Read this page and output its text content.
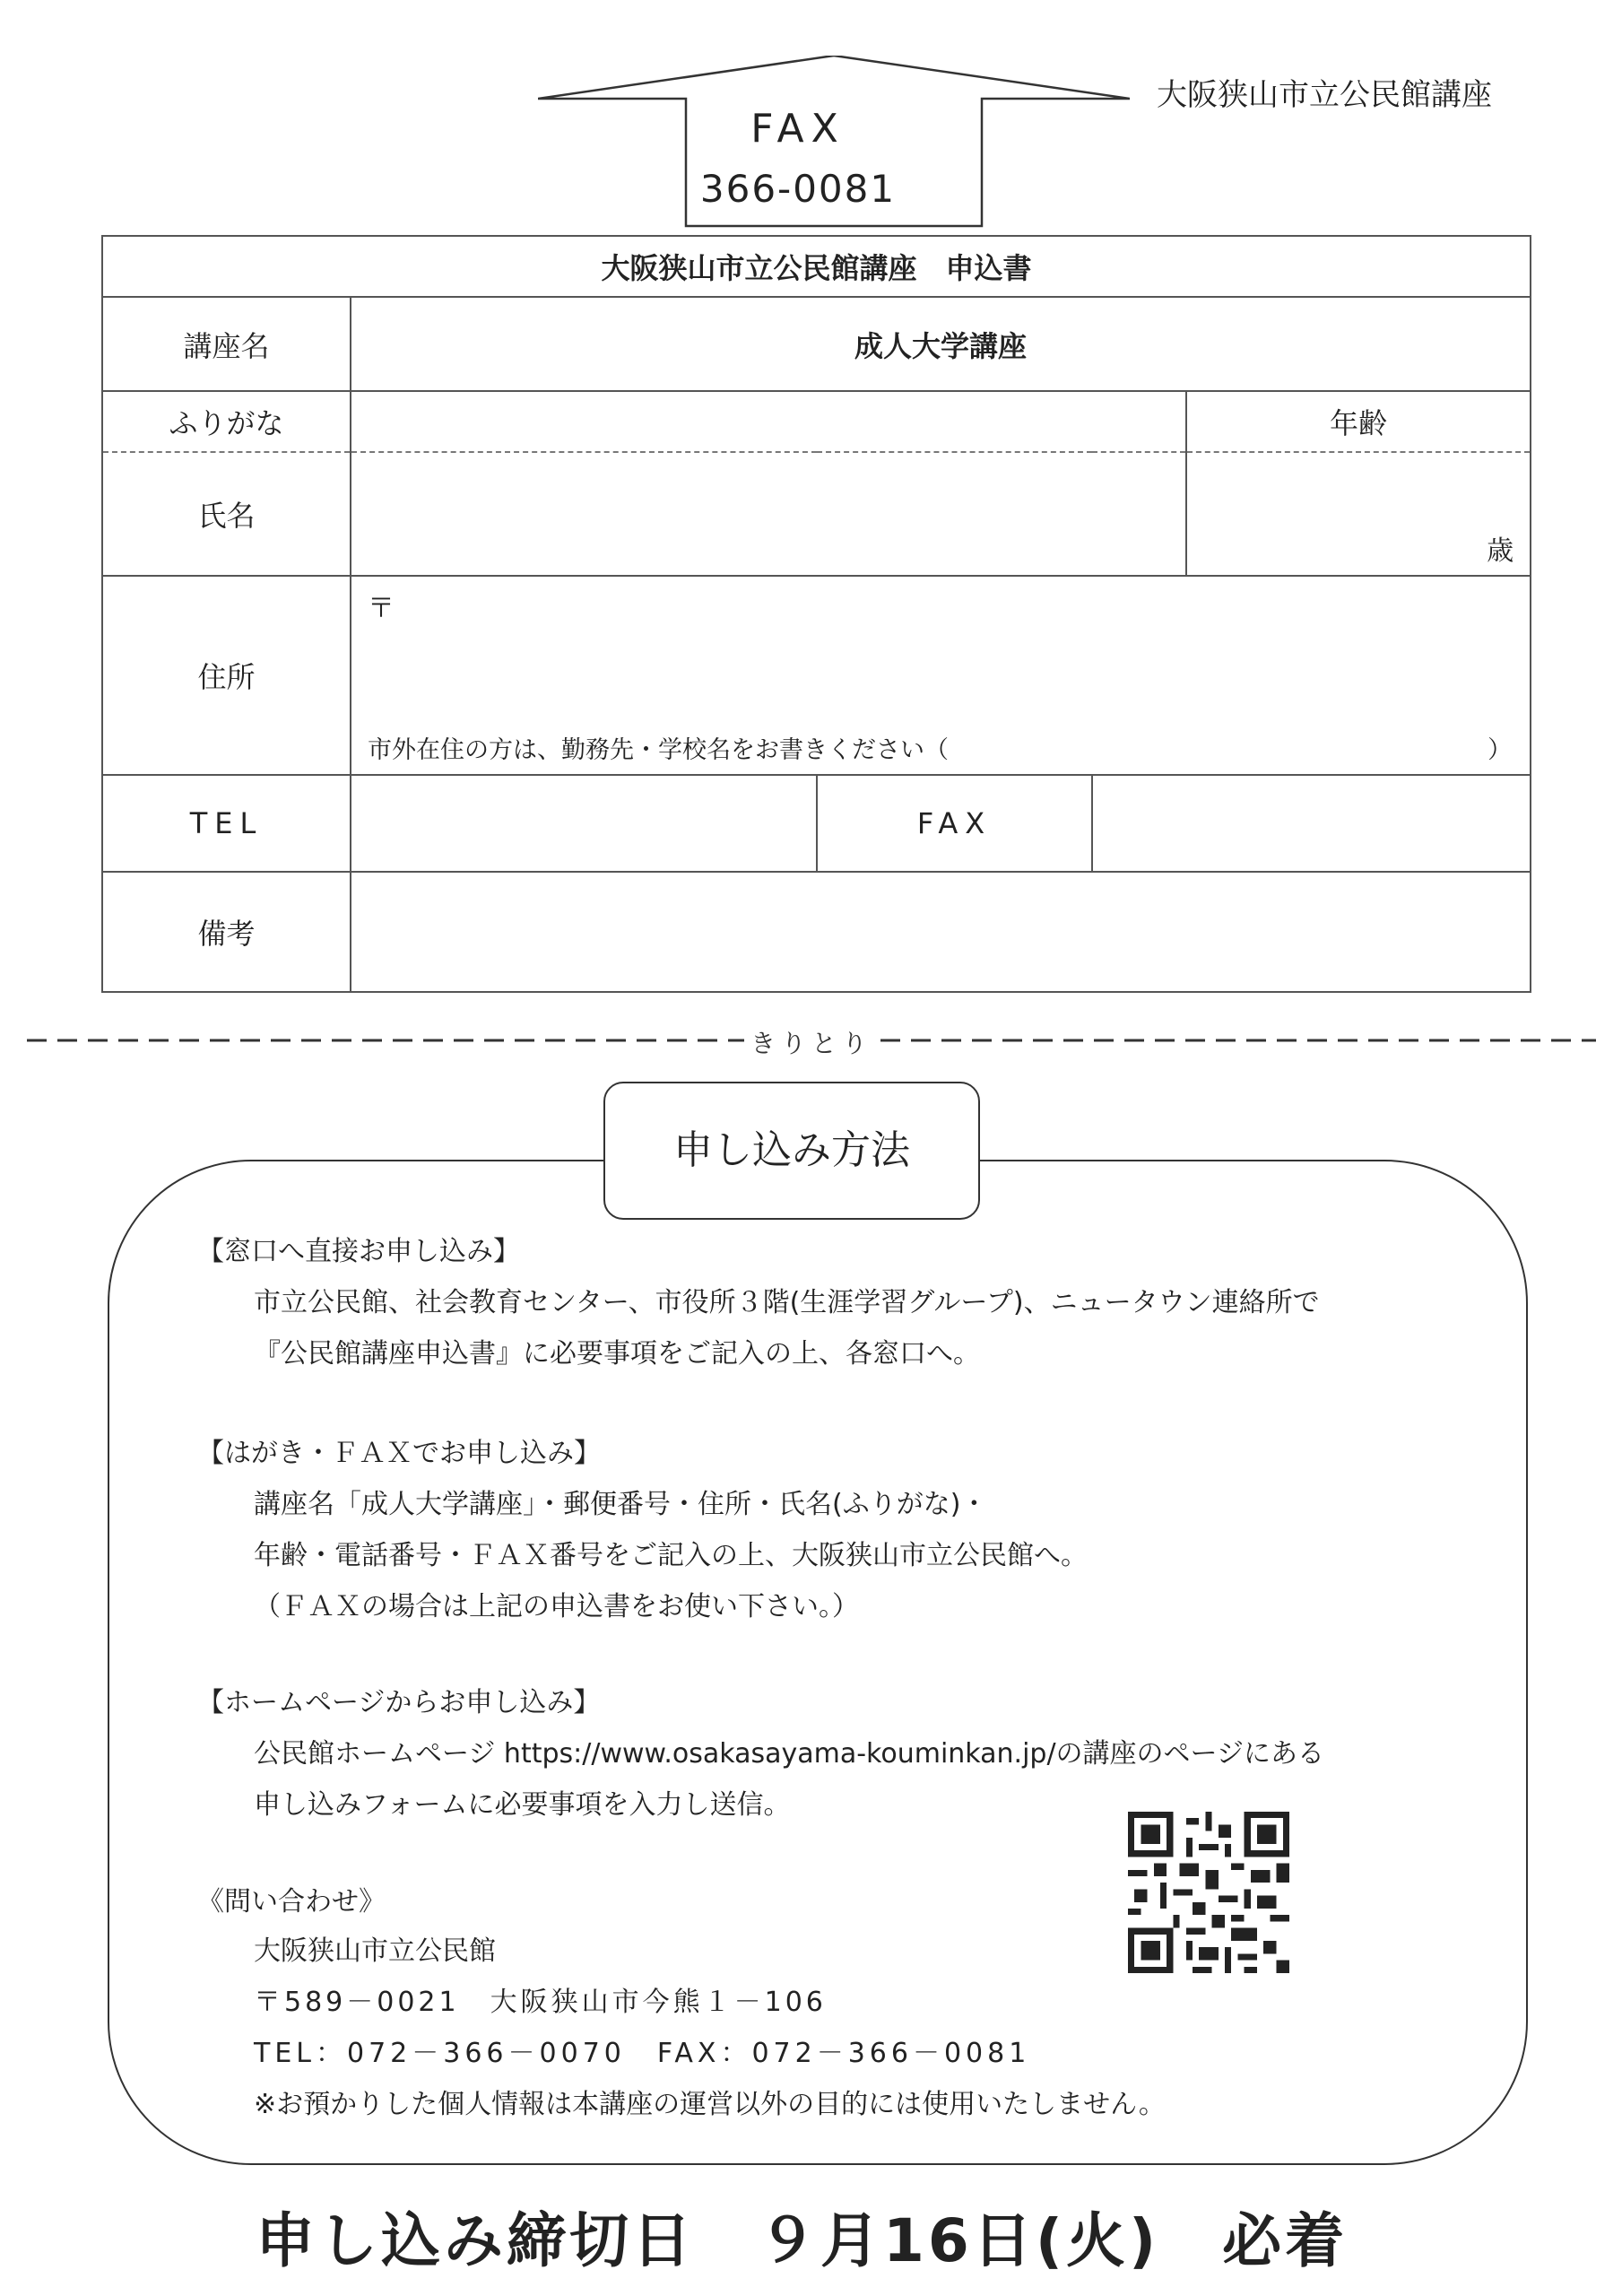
大阪狭山市立公民館講座
FAX
366-0081
大阪狭山市立公民館講座　申込書				
講座名	成人大学講座			
ふりがな				年齢
氏名				歳

住所	〒
市外在住の方は、勤務先・学校名をお書きください（ ）			

TEL		FAX		
備考				
きりとり
申し込み方法
【窓口へ直接お申し込み】
市立公民館、社会教育センター、市役所３階(生涯学習グループ)、ニュータウン連絡所で
『公民館講座申込書』に必要事項をご記入の上、各窓口へ。
【はがき・ＦＡＸでお申し込み】
講座名「成人大学講座」・郵便番号・住所・氏名(ふりがな)・
年齢・電話番号・ＦＡＸ番号をご記入の上、大阪狭山市立公民館へ。
（ＦＡＸの場合は上記の申込書をお使い下さい。）
【ホームページからお申し込み】
公民館ホームページ https://www.osakasayama-kouminkan.jp/の講座のページにある
申し込みフォームに必要事項を入力し送信。
《問い合わせ》
大阪狭山市立公民館
〒589－0021　大阪狭山市今熊１－106
TEL：072－366－0070　FAX：072－366－0081
※お預かりした個人情報は本講座の運営以外の目的には使用いたしません。
申し込み締切日　９月16日(火)　必着
